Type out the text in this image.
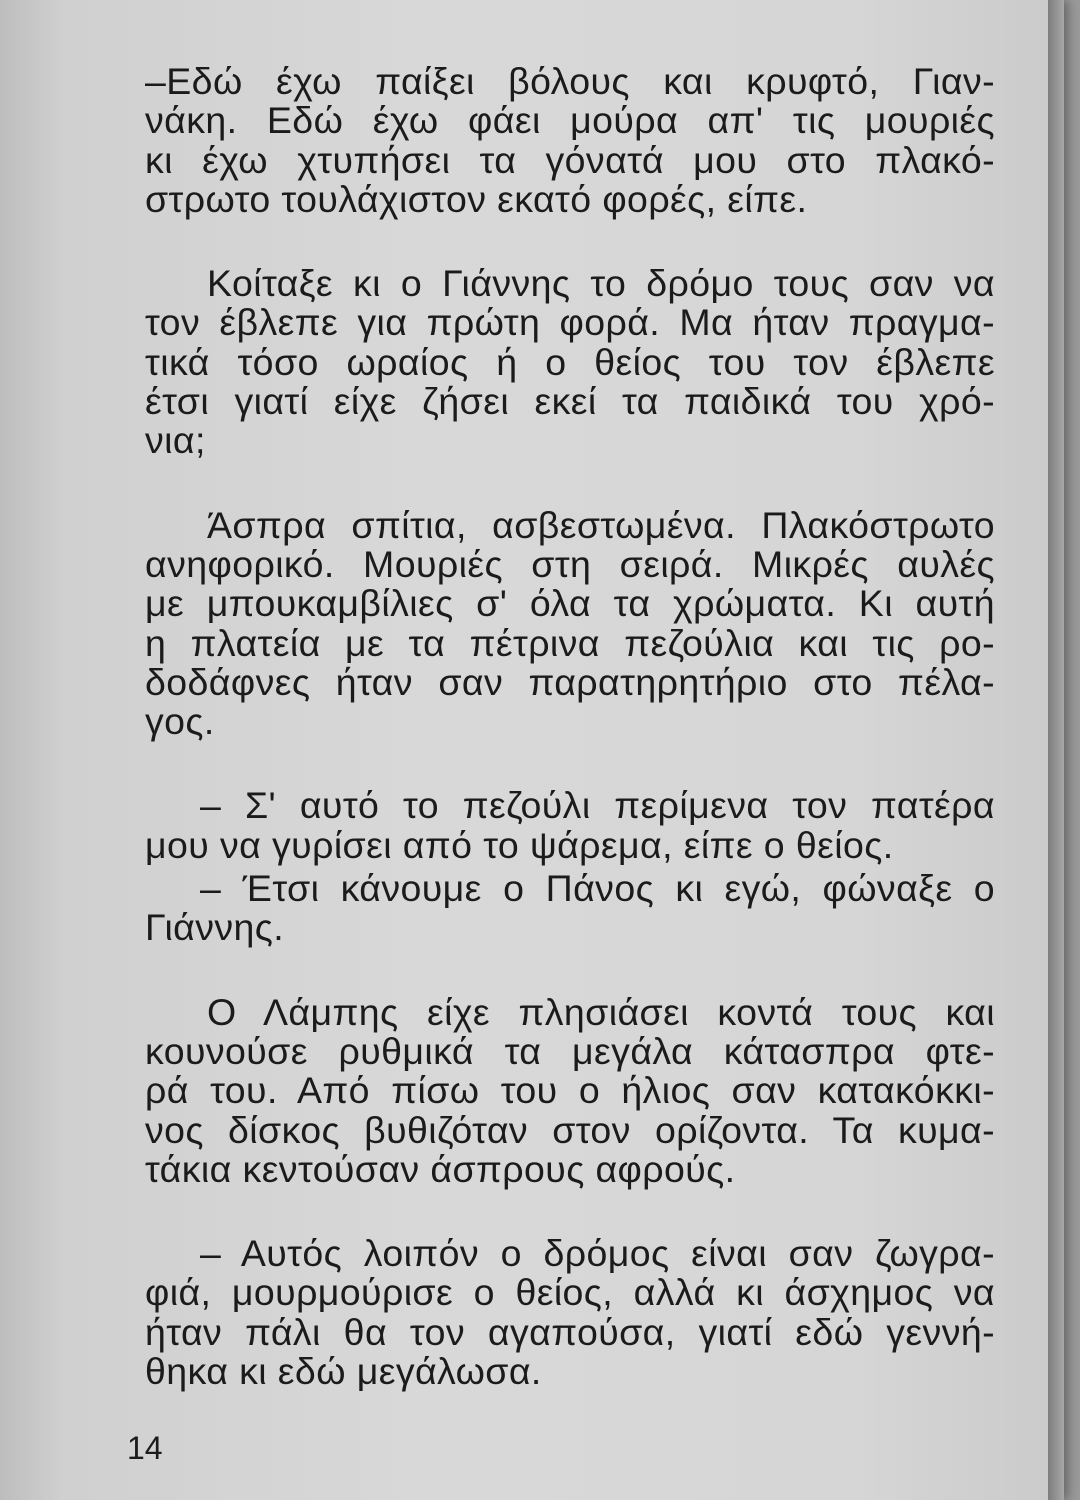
–Εδώ έχω παίξει βόλους και κρυφτό, Γιαν-
νάκη. Εδώ έχω φάει μούρα απ' τις μουριές
κι έχω χτυπήσει τα γόνατά μου στο πλακό-
στρωτο τουλάχιστον εκατό φορές, είπε.
Κοίταξε κι ο Γιάννης το δρόμο τους σαν να
τον έβλεπε για πρώτη φορά. Μα ήταν πραγμα-
τικά τόσο ωραίος ή ο θείος του τον έβλεπε
έτσι γιατί είχε ζήσει εκεί τα παιδικά του χρό-
νια;
Άσπρα σπίτια, ασβεστωμένα. Πλακόστρωτο
ανηφορικό. Μουριές στη σειρά. Μικρές αυλές
με μπουκαμβίλιες σ' όλα τα χρώματα. Κι αυτή
η πλατεία με τα πέτρινα πεζούλια και τις ρο-
δοδάφνες ήταν σαν παρατηρητήριο στο πέλα-
γος.
– Σ' αυτό το πεζούλι περίμενα τον πατέρα
μου να γυρίσει από το ψάρεμα, είπε ο θείος.
– Έτσι κάνουμε ο Πάνος κι εγώ, φώναξε ο
Γιάννης.
Ο Λάμπης είχε πλησιάσει κοντά τους και
κουνούσε ρυθμικά τα μεγάλα κάτασπρα φτε-
ρά του. Από πίσω του ο ήλιος σαν κατακόκκι-
νος δίσκος βυθιζόταν στον ορίζοντα. Τα κυμα-
τάκια κεντούσαν άσπρους αφρούς.
– Αυτός λοιπόν ο δρόμος είναι σαν ζωγρα-
φιά, μουρμούρισε ο θείος, αλλά κι άσχημος να
ήταν πάλι θα τον αγαπούσα, γιατί εδώ γεννή-
θηκα κι εδώ μεγάλωσα.
14
